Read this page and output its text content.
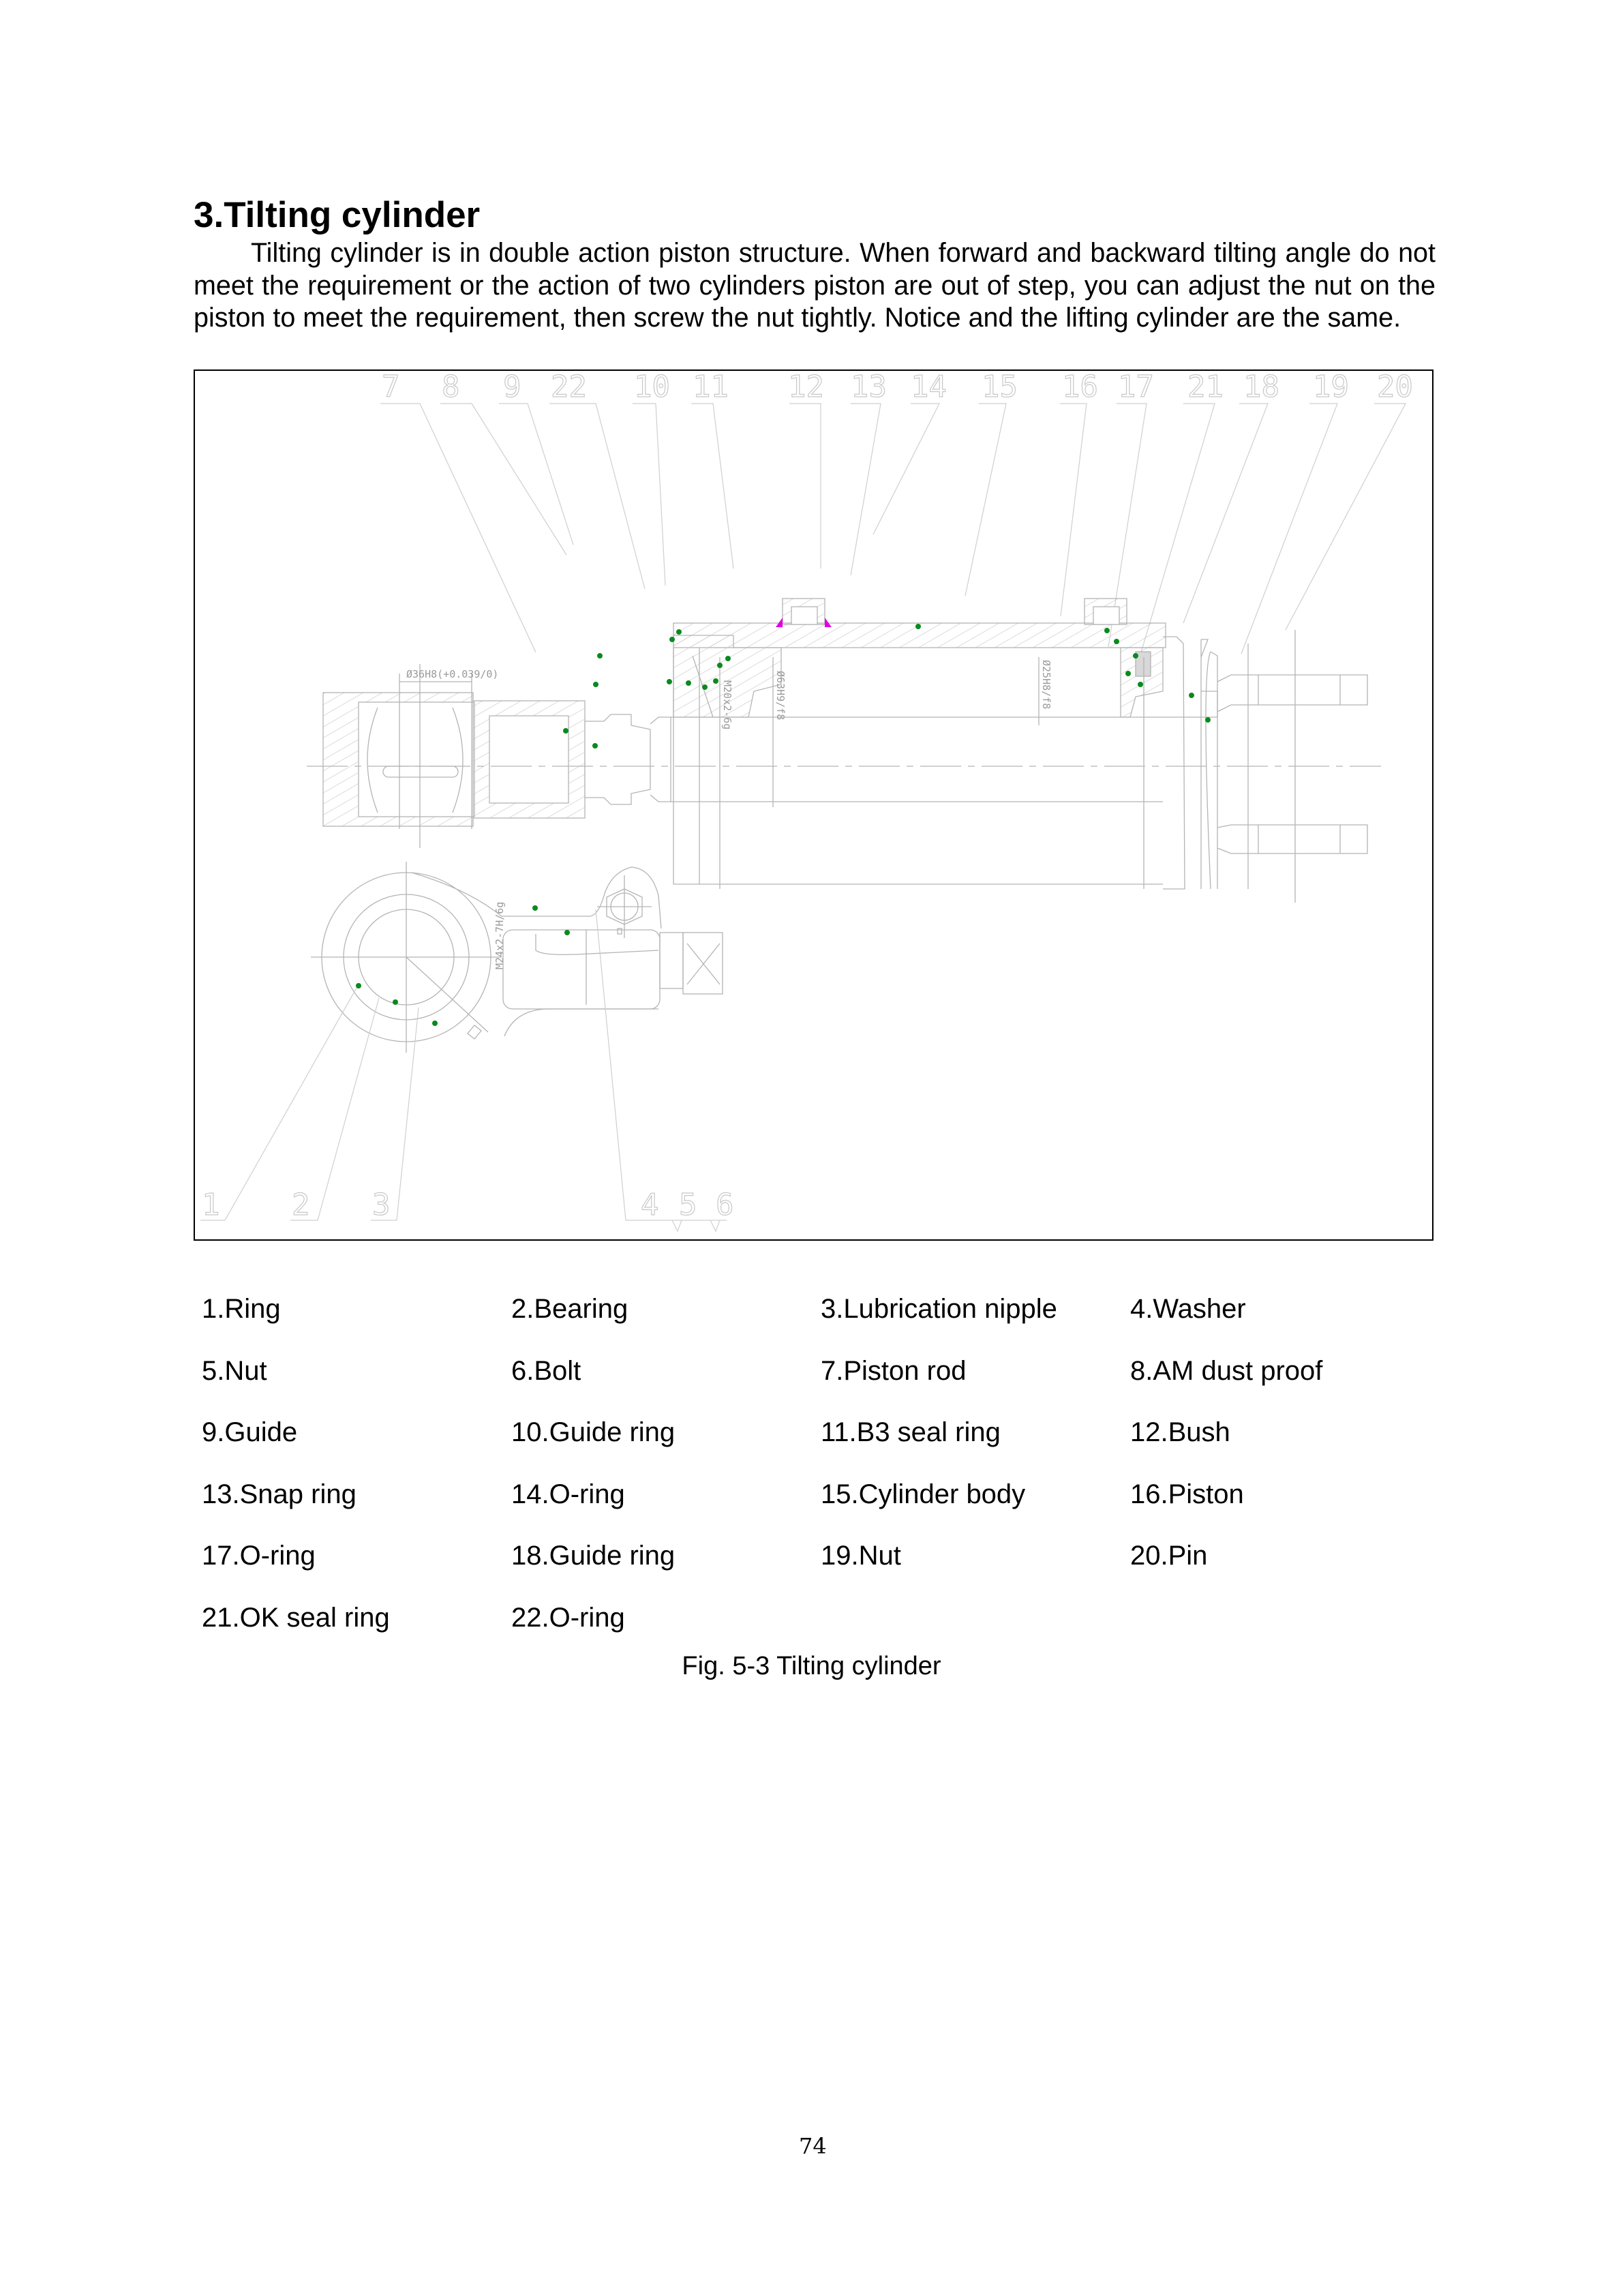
3.Tilting cylinder

Tilting cylinder is in double action piston structure. When forward and backward tilting angle do not meet the requirement or the action of two cylinders piston are out of step, you can adjust the nut on the piston to meet the requirement, then screw the nut tightly. Notice and the lifting cylinder are the same.

7 8 9 22 10 11 12 13 14 15 16 17 21 18 19 20
Ø36H8(+0.039/0)
M20x2-6g	Ø63H9/f8	Ø25H8/f8
M24x2-7H/6g
1 2 3	4 5 6
1.Ring	2.Bearing	3.Lubrication nipple	4.Washer
5.Nut	6.Bolt	7.Piston rod	8.AM dust proof
9.Guide	10.Guide ring	11.B3 seal ring	12.Bush
13.Snap ring	14.O-ring	15.Cylinder body	16.Piston
17.O-ring	18.Guide ring	19.Nut	20.Pin
21.OK seal ring	22.O-ring
Fig. 5-3 Tilting cylinder
74
